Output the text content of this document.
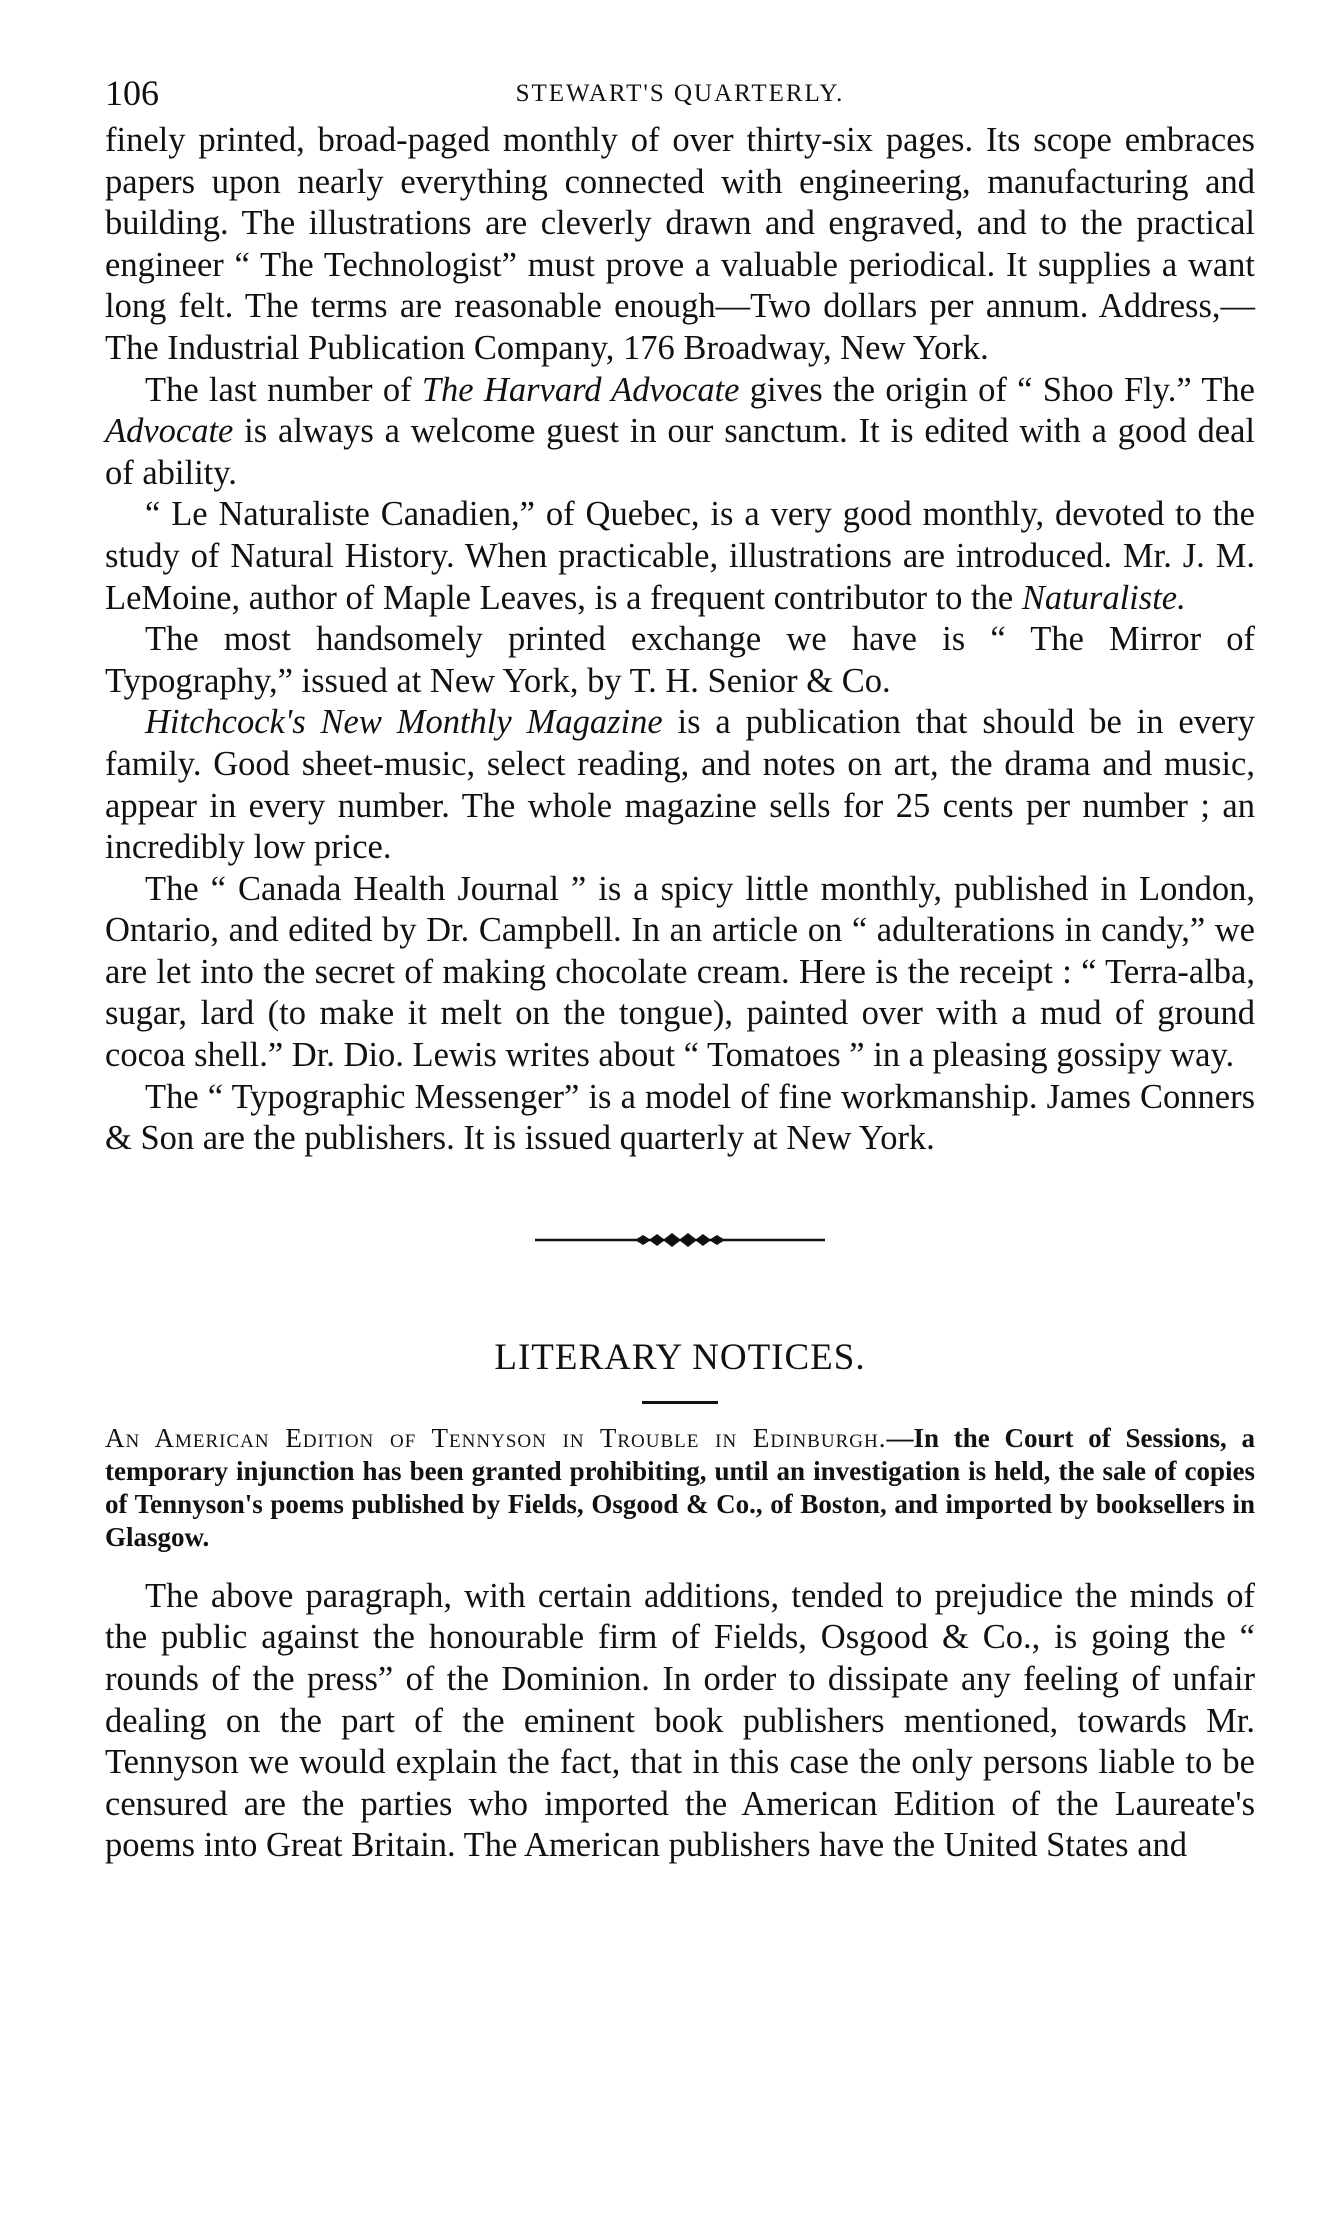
106	STEWART'S QUARTERLY.

finely printed, broad-paged monthly of over thirty-six pages. Its scope embraces papers upon nearly everything connected with engineering, manufacturing and building. The illustrations are cleverly drawn and engraved, and to the practical engineer “ The Technologist” must prove a valuable periodical. It supplies a want long felt. The terms are reasonable enough—Two dollars per annum. Address,—The Industrial Publication Company, 176 Broadway, New York.

The last number of The Harvard Advocate gives the origin of “ Shoo Fly.” The Advocate is always a welcome guest in our sanctum. It is edited with a good deal of ability.

“ Le Naturaliste Canadien,” of Quebec, is a very good monthly, devoted to the study of Natural History. When practicable, illustrations are introduced. Mr. J. M. LeMoine, author of Maple Leaves, is a frequent contributor to the Naturaliste.

The most handsomely printed exchange we have is “ The Mirror of Typography,” issued at New York, by T. H. Senior & Co.

Hitchcock's New Monthly Magazine is a publication that should be in every family. Good sheet-music, select reading, and notes on art, the drama and music, appear in every number. The whole magazine sells for 25 cents per number ; an incredibly low price.

The “ Canada Health Journal ” is a spicy little monthly, published in London, Ontario, and edited by Dr. Campbell. In an article on “ adulterations in candy,” we are let into the secret of making chocolate cream. Here is the receipt : “ Terra-alba, sugar, lard (to make it melt on the tongue), painted over with a mud of ground cocoa shell.” Dr. Dio. Lewis writes about “ Tomatoes ” in a pleasing gossipy way.

The “ Typographic Messenger” is a model of fine workmanship. James Conners & Son are the publishers. It is issued quarterly at New York.

LITERARY NOTICES.
An American Edition of Tennyson in Trouble in Edinburgh.—In the Court of Sessions, a temporary injunction has been granted prohibiting, until an investigation is held, the sale of copies of Tennyson's poems published by Fields, Osgood & Co., of Boston, and imported by booksellers in Glasgow.

The above paragraph, with certain additions, tended to prejudice the minds of the public against the honourable firm of Fields, Osgood & Co., is going the “ rounds of the press” of the Dominion. In order to dissipate any feeling of unfair dealing on the part of the eminent book publishers mentioned, towards Mr. Tennyson we would explain the fact, that in this case the only persons liable to be censured are the parties who imported the American Edition of the Laureate's poems into Great Britain. The American publishers have the United States and
